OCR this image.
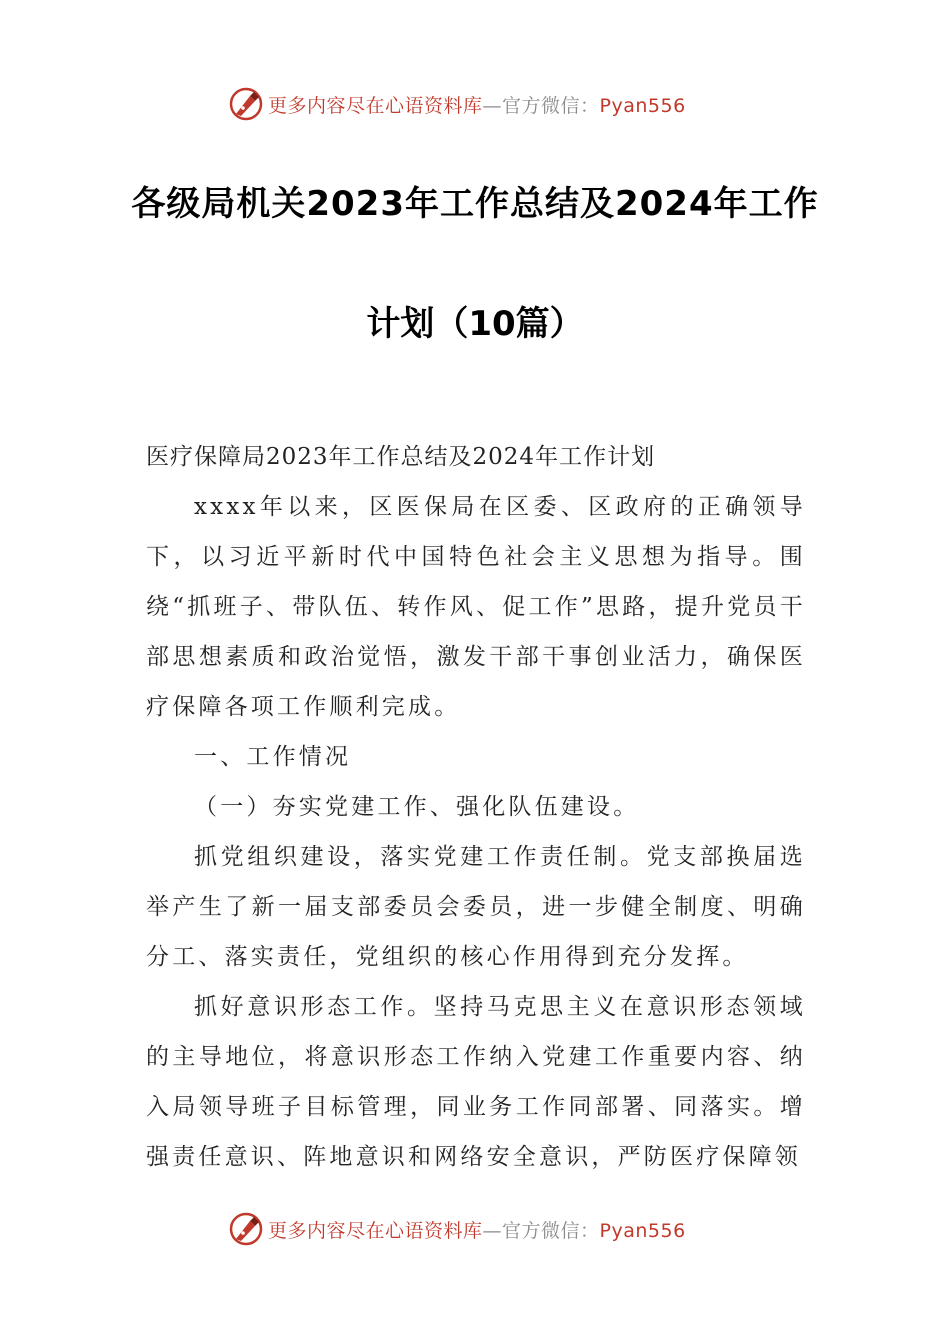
更多内容尽在心语资料库—官方微信：Pyan556
各级局机关2023年工作总结及2024年工作
计划（10篇）

医疗保障局2023年工作总结及2024年工作计划

xxxx年以来，区医保局在区委、区政府的正确领导下，以习近平新时代中国特色社会主义思想为指导。围绕“抓班子、带队伍、转作风、促工作”思路，提升党员干部思想素质和政治觉悟，激发干部干事创业活力，确保医疗保障各项工作顺利完成。

一、工作情况

（一）夯实党建工作、强化队伍建设。

抓党组织建设，落实党建工作责任制。党支部换届选举产生了新一届支部委员会委员，进一步健全制度、明确分工、落实责任，党组织的核心作用得到充分发挥。

抓好意识形态工作。坚持马克思主义在意识形态领域的主导地位，将意识形态工作纳入党建工作重要内容、纳入局领导班子目标管理，同业务工作同部署、同落实。增强责任意识、阵地意识和网络安全意识，严防医疗保障领

更多内容尽在心语资料库—官方微信：Pyan556
